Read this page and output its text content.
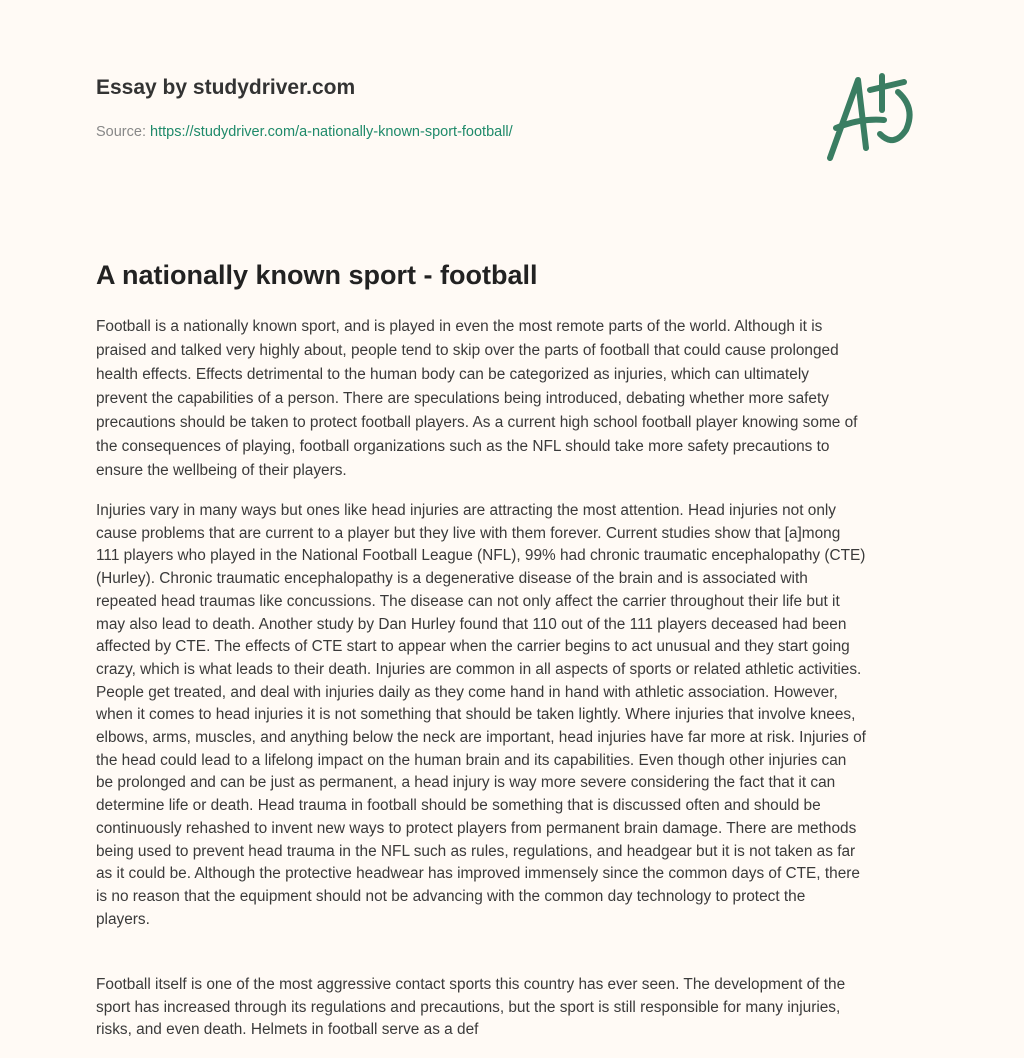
Essay by studydriver.com
Source: https://studydriver.com/a-nationally-known-sport-football/
A nationally known sport - football
Football is a nationally known sport, and is played in even the most remote parts of the world. Although it is
praised and talked very highly about, people tend to skip over the parts of football that could cause prolonged
health effects. Effects detrimental to the human body can be categorized as injuries, which can ultimately
prevent the capabilities of a person. There are speculations being introduced, debating whether more safety
precautions should be taken to protect football players. As a current high school football player knowing some of
the consequences of playing, football organizations such as the NFL should take more safety precautions to
ensure the wellbeing of their players.
Injuries vary in many ways but ones like head injuries are attracting the most attention. Head injuries not only
cause problems that are current to a player but they live with them forever. Current studies show that [a]mong
111 players who played in the National Football League (NFL), 99% had chronic traumatic encephalopathy (CTE)
(Hurley). Chronic traumatic encephalopathy is a degenerative disease of the brain and is associated with
repeated head traumas like concussions. The disease can not only affect the carrier throughout their life but it
may also lead to death. Another study by Dan Hurley found that 110 out of the 111 players deceased had been
affected by CTE. The effects of CTE start to appear when the carrier begins to act unusual and they start going
crazy, which is what leads to their death. Injuries are common in all aspects of sports or related athletic activities.
People get treated, and deal with injuries daily as they come hand in hand with athletic association. However,
when it comes to head injuries it is not something that should be taken lightly. Where injuries that involve knees,
elbows, arms, muscles, and anything below the neck are important, head injuries have far more at risk. Injuries of
the head could lead to a lifelong impact on the human brain and its capabilities. Even though other injuries can
be prolonged and can be just as permanent, a head injury is way more severe considering the fact that it can
determine life or death. Head trauma in football should be something that is discussed often and should be
continuously rehashed to invent new ways to protect players from permanent brain damage. There are methods
being used to prevent head trauma in the NFL such as rules, regulations, and headgear but it is not taken as far
as it could be. Although the protective headwear has improved immensely since the common days of CTE, there
is no reason that the equipment should not be advancing with the common day technology to protect the
players.
Football itself is one of the most aggressive contact sports this country has ever seen. The development of the
sport has increased through its regulations and precautions, but the sport is still responsible for many injuries,
risks, and even death. Helmets in football serve as a def
